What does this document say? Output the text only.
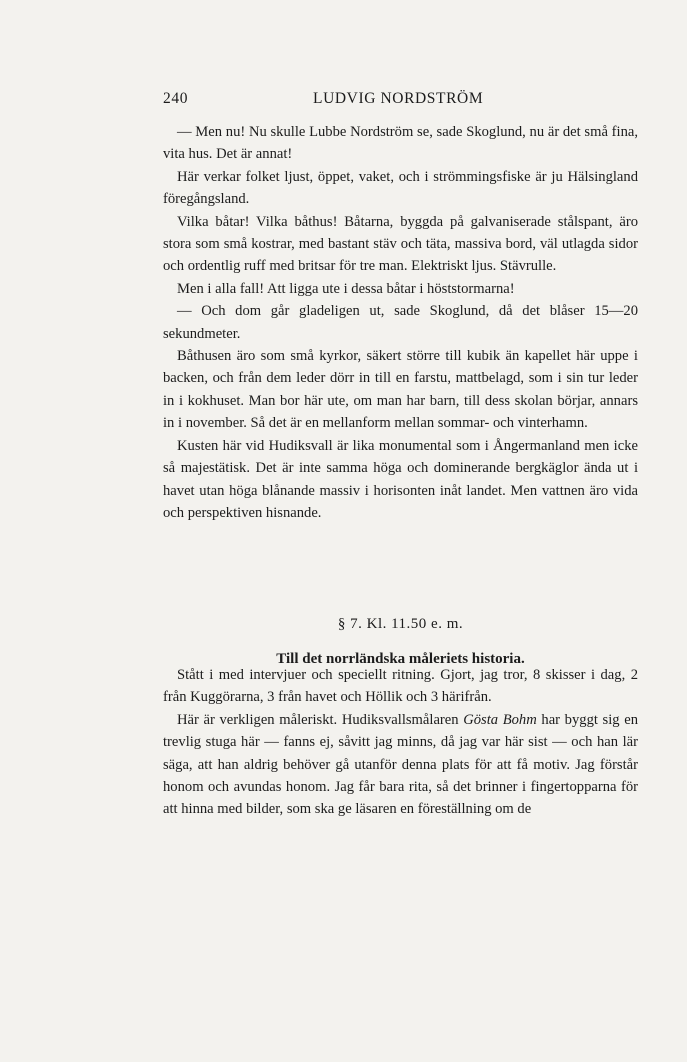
240	LUDVIG NORDSTRÖM

— Men nu! Nu skulle Lubbe Nordström se, sade Skoglund, nu är det små fina, vita hus. Det är annat!

Här verkar folket ljust, öppet, vaket, och i strömmingsfiske är ju Hälsingland föregångsland.

Vilka båtar! Vilka båthus! Båtarna, byggda på galvaniserade stålspant, äro stora som små kostrar, med bastant stäv och täta, massiva bord, väl utlagda sidor och ordentlig ruff med britsar för tre man. Elektriskt ljus. Stävrulle.

Men i alla fall! Att ligga ute i dessa båtar i höststormarna!

— Och dom går gladeligen ut, sade Skoglund, då det blåser 15—20 sekundmeter.

Båthusen äro som små kyrkor, säkert större till kubik än kapellet här uppe i backen, och från dem leder dörr in till en farstu, mattbelagd, som i sin tur leder in i kokhuset. Man bor här ute, om man har barn, till dess skolan börjar, annars in i november. Så det är en mellanform mellan sommar- och vinterhamn.

Kusten här vid Hudiksvall är lika monumental som i Ångermanland men icke så majestätisk. Det är inte samma höga och dominerande bergkäglor ända ut i havet utan höga blånande massiv i horisonten inåt landet. Men vattnen äro vida och perspektiven hisnande.

§ 7. Kl. 11.50 e. m.
Till det norrländska måleriets historia.

Stått i med intervjuer och speciellt ritning. Gjort, jag tror, 8 skisser i dag, 2 från Kuggörarna, 3 från havet och Höllik och 3 härifrån.

Här är verkligen måleriskt. Hudiksvallsmålaren Gösta Bohm har byggt sig en trevlig stuga här — fanns ej, såvitt jag minns, då jag var här sist — och han lär säga, att han aldrig behöver gå utanför denna plats för att få motiv. Jag förstår honom och avundas honom. Jag får bara rita, så det brinner i fingertopparna för att hinna med bilder, som ska ge läsaren en föreställning om de
